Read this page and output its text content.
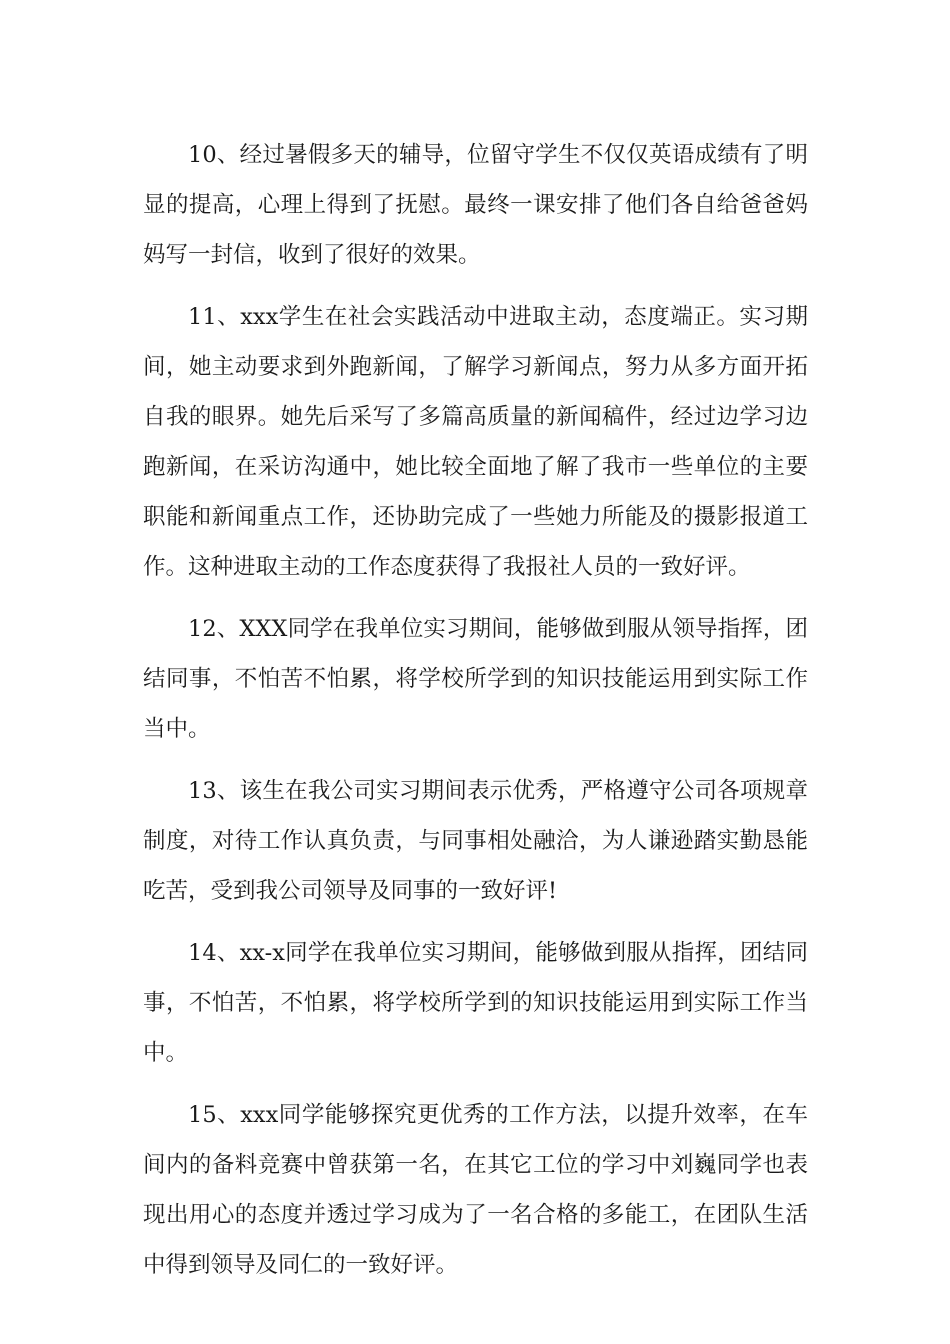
10、经过暑假多天的辅导，位留守学生不仅仅英语成绩有了明显的提高，心理上得到了抚慰。最终一课安排了他们各自给爸爸妈妈写一封信，收到了很好的效果。

11、xxx学生在社会实践活动中进取主动，态度端正。实习期间，她主动要求到外跑新闻，了解学习新闻点，努力从多方面开拓自我的眼界。她先后采写了多篇高质量的新闻稿件，经过边学习边跑新闻，在采访沟通中，她比较全面地了解了我市一些单位的主要职能和新闻重点工作，还协助完成了一些她力所能及的摄影报道工作。这种进取主动的工作态度获得了我报社人员的一致好评。

12、XXX同学在我单位实习期间，能够做到服从领导指挥，团结同事，不怕苦不怕累，将学校所学到的知识技能运用到实际工作当中。

13、该生在我公司实习期间表示优秀，严格遵守公司各项规章制度，对待工作认真负责，与同事相处融洽，为人谦逊踏实勤恳能吃苦，受到我公司领导及同事的一致好评!

14、xx-x同学在我单位实习期间，能够做到服从指挥，团结同事，不怕苦，不怕累，将学校所学到的知识技能运用到实际工作当中。

15、xxx同学能够探究更优秀的工作方法，以提升效率，在车间内的备料竞赛中曾获第一名，在其它工位的学习中刘巍同学也表现出用心的态度并透过学习成为了一名合格的多能工，在团队生活中得到领导及同仁的一致好评。
